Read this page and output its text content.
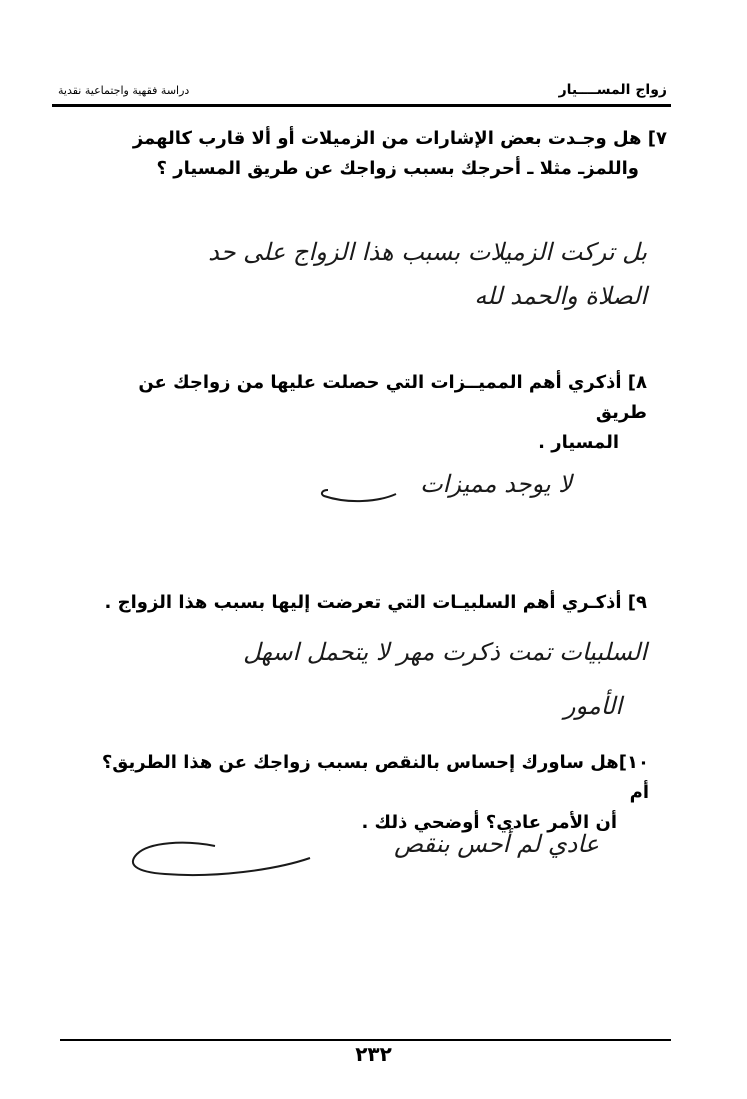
زواج المســــيار
دراسة فقهية واجتماعية نقدية
٧] هل وجـدت بعض الإشارات من الزميلات أو ألا قارب كالهمز
واللمزـ مثلا ـ أحرجك بسبب زواجك عن طريق المسيار ؟
بل تركت الزميلات بسبب هذا الزواج على حد
الصلاة والحمد لله
٨] أذكري أهم المميــزات التي حصلت عليها من زواجك عن طريق
المسيار .
لا يوجد مميزات
٩] أذكـري أهم السلبيـات التي تعرضت إليها بسبب هذا الزواج .
السلبيات تمت ذكرت مهر لا يتحمل اسهل
الأمور
١٠]هل ساورك إحساس بالنقص بسبب زواجك عن هذا الطريق؟أم
أن الأمر عادي؟ أوضحي ذلك .
عادي لم أحس بنقص
٢٣٢
